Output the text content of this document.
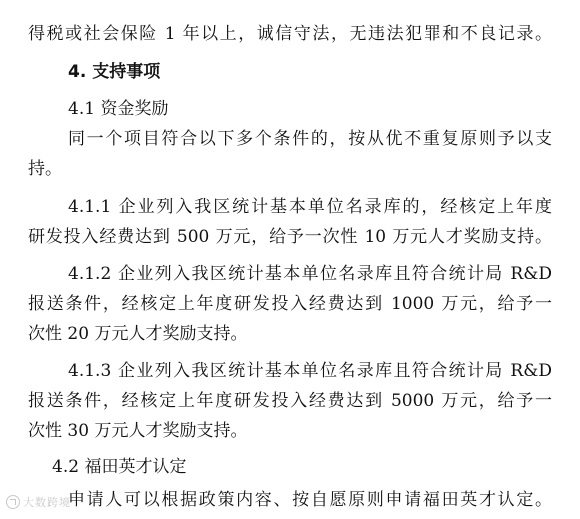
得税或社会保险 1 年以上，诚信守法，无违法犯罪和不良记录。
4. 支持事项
4.1 资金奖励
同一个项目符合以下多个条件的，按从优不重复原则予以支
持。
4.1.1 企业列入我区统计基本单位名录库的，经核定上年度
研发投入经费达到 500 万元，给予一次性 10 万元人才奖励支持。
4.1.2 企业列入我区统计基本单位名录库且符合统计局 R&D
报送条件，经核定上年度研发投入经费达到 1000 万元，给予一
次性 20 万元人才奖励支持。
4.1.3 企业列入我区统计基本单位名录库且符合统计局 R&D
报送条件，经核定上年度研发投入经费达到 5000 万元，给予一
次性 30 万元人才奖励支持。
4.2 福田英才认定
申请人可以根据政策内容、按自愿原则申请福田英才认定。
大数跨境
